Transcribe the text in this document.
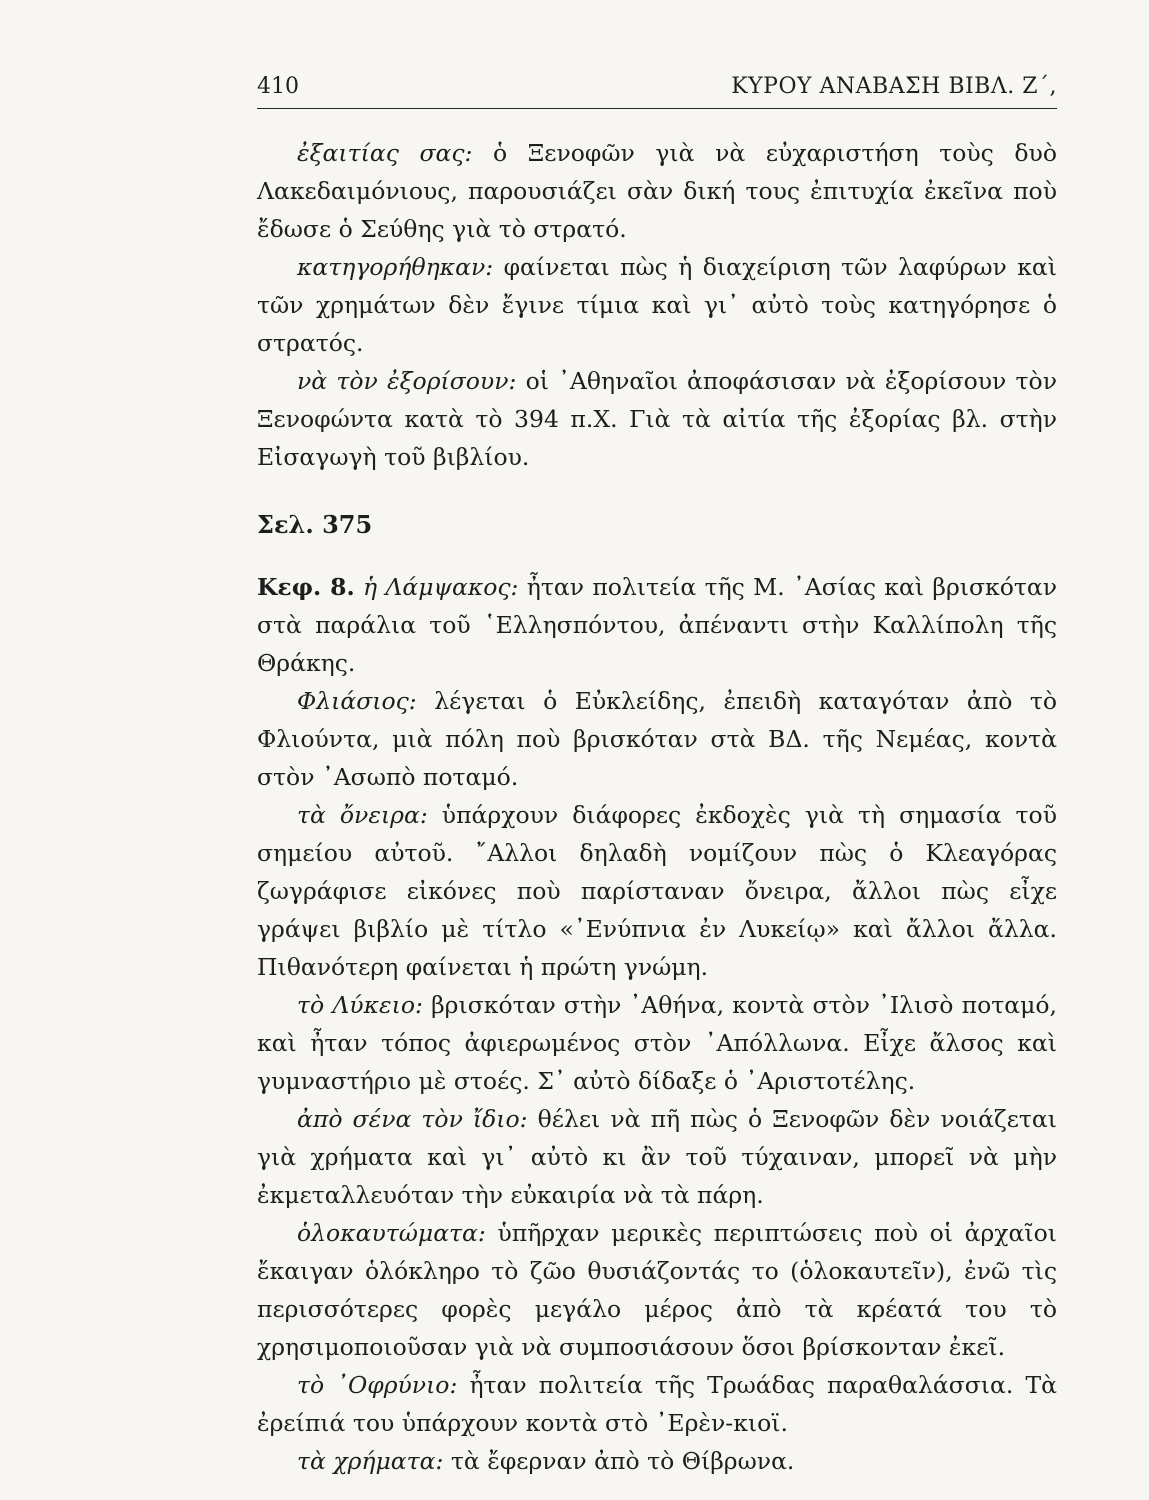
410	ΚΥΡΟΥ ΑΝΑΒΑΣΗ ΒΙΒΛ. Ζ΄,

ἐξαιτίας σας: ὁ Ξενοφῶν γιὰ νὰ εὐχαριστήση τοὺς δυὸ Λακεδαιμόνιους, παρουσιάζει σὰν δική τους ἐπιτυχία ἐκεῖνα ποὺ ἔδωσε ὁ Σεύθης γιὰ τὸ στρατό.

κατηγορήθηκαν: φαίνεται πὼς ἡ διαχείριση τῶν λαφύρων καὶ τῶν χρημάτων δὲν ἔγινε τίμια καὶ γι᾽ αὐτὸ τοὺς κατηγόρησε ὁ στρατός.

νὰ τὸν ἐξορίσουν: οἱ ᾽Αθηναῖοι ἀποφάσισαν νὰ ἐξορίσουν τὸν Ξενοφώντα κατὰ τὸ 394 π.Χ. Γιὰ τὰ αἰτία τῆς ἐξορίας βλ. στὴν Εἰσαγωγὴ τοῦ βιβλίου.

Σελ. 375

Κεφ. 8. ἡ Λάμψακος: ἦταν πολιτεία τῆς Μ. ᾽Ασίας καὶ βρισκόταν στὰ παράλια τοῦ ῾Ελλησπόντου, ἀπέναντι στὴν Καλλίπολη τῆς Θράκης.

Φλιάσιος: λέγεται ὁ Εὐκλείδης, ἐπειδὴ καταγόταν ἀπὸ τὸ Φλιούντα, μιὰ πόλη ποὺ βρισκόταν στὰ ΒΔ. τῆς Νεμέας, κοντὰ στὸν ᾽Ασωπὸ ποταμό.

τὰ ὄνειρα: ὑπάρχουν διάφορες ἐκδοχὲς γιὰ τὴ σημασία τοῦ σημείου αὐτοῦ. ῎Αλλοι δηλαδὴ νομίζουν πὼς ὁ Κλεαγόρας ζωγράφισε εἰκόνες ποὺ παρίσταναν ὄνειρα, ἄλλοι πὼς εἶχε γράψει βιβλίο μὲ τίτλο «᾽Ενύπνια ἐν Λυκείῳ» καὶ ἄλλοι ἄλλα. Πιθανότερη φαίνεται ἡ πρώτη γνώμη.

τὸ Λύκειο: βρισκόταν στὴν ᾽Αθήνα, κοντὰ στὸν ᾽Ιλισὸ ποταμό, καὶ ἦταν τόπος ἀφιερωμένος στὸν ᾽Απόλλωνα. Εἶχε ἄλσος καὶ γυμναστήριο μὲ στοές. Σ᾽ αὐτὸ δίδαξε ὁ ᾽Αριστοτέλης.

ἀπὸ σένα τὸν ἴδιο: θέλει νὰ πῆ πὼς ὁ Ξενοφῶν δὲν νοιάζεται γιὰ χρήματα καὶ γι᾽ αὐτὸ κι ἂν τοῦ τύχαιναν, μπορεῖ νὰ μὴν ἐκμεταλλευόταν τὴν εὐκαιρία νὰ τὰ πάρη.

ὁλοκαυτώματα: ὑπῆρχαν μερικὲς περιπτώσεις ποὺ οἱ ἀρχαῖοι ἔκαιγαν ὁλόκληρο τὸ ζῶο θυσιάζοντάς το (ὁλοκαυτεῖν), ἐνῶ τὶς περισσότερες φορὲς μεγάλο μέρος ἀπὸ τὰ κρέατά του τὸ χρησιμοποιοῦσαν γιὰ νὰ συμποσιάσουν ὅσοι βρίσκονταν ἐκεῖ.

τὸ ᾽Οφρύνιο: ἦταν πολιτεία τῆς Τρωάδας παραθαλάσσια. Τὰ ἐρείπιά του ὑπάρχουν κοντὰ στὸ ᾽Ερὲν-κιοϊ.

τὰ χρήματα: τὰ ἔφερναν ἀπὸ τὸ Θίβρωνα.
